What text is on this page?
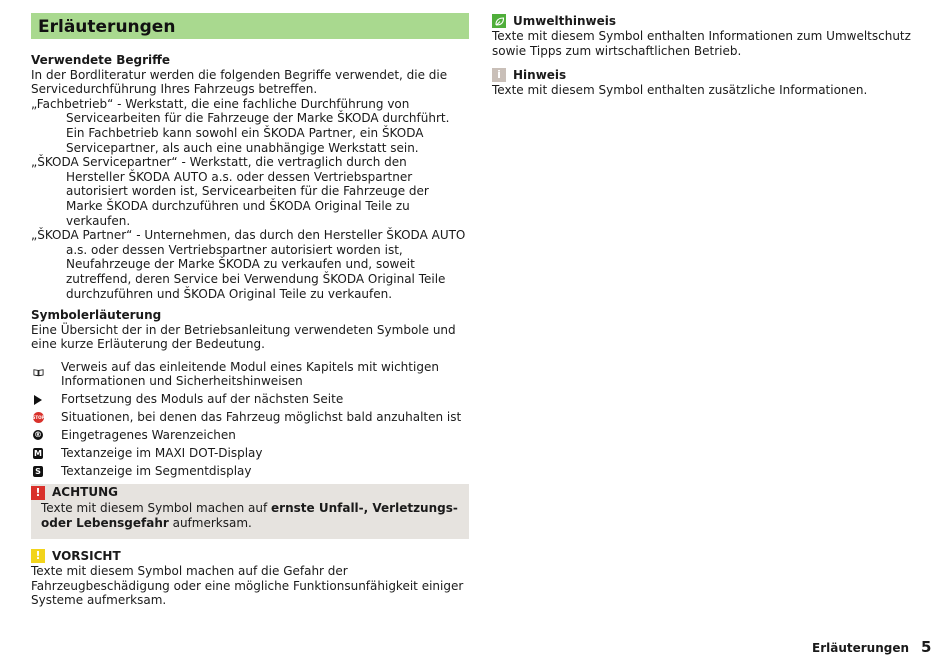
Erläuterungen

Verwendete Begriffe

In der Bordliteratur werden die folgenden Begriffe verwendet, die die Servicedurchführung Ihres Fahrzeugs betreffen.

„Fachbetrieb“ - Werkstatt, die eine fachliche Durchführung von Servicearbeiten für die Fahrzeuge der Marke ŠKODA durchführt. Ein Fachbetrieb kann sowohl ein ŠKODA Partner, ein ŠKODA Servicepartner, als auch eine unabhängige Werkstatt sein.

„ŠKODA Servicepartner“ - Werkstatt, die vertraglich durch den Hersteller ŠKODA AUTO a.s. oder dessen Vertriebspartner autorisiert worden ist, Servicearbeiten für die Fahrzeuge der Marke ŠKODA durchzuführen und ŠKODA Original Teile zu verkaufen.

„ŠKODA Partner“ - Unternehmen, das durch den Hersteller ŠKODA AUTO a.s. oder dessen Vertriebspartner autorisiert worden ist, Neufahrzeuge der Marke ŠKODA zu verkaufen und, soweit zutreffend, deren Service bei Verwendung ŠKODA Original Teile durchzuführen und ŠKODA Original Teile zu verkaufen.

Symbolerläuterung

Eine Übersicht der in der Betriebsanleitung verwendeten Symbole und eine kurze Erläuterung der Bedeutung.

Verweis auf das einleitende Modul eines Kapitels mit wichtigen Informationen und Sicherheitshinweisen
Fortsetzung des Moduls auf der nächsten Seite
STOP Situationen, bei denen das Fahrzeug möglichst bald anzuhalten ist
® Eingetragenes Warenzeichen
M Textanzeige im MAXI DOT-Display
S Textanzeige im Segmentdisplay
! ACHTUNG
Texte mit diesem Symbol machen auf ernste Unfall-, Verletzungs- oder Lebensgefahr aufmerksam.
! VORSICHT

Texte mit diesem Symbol machen auf die Gefahr der Fahrzeugbeschädigung oder eine mögliche Funktionsunfähigkeit einiger Systeme aufmerksam.

Umwelthinweis

Texte mit diesem Symbol enthalten Informationen zum Umweltschutz sowie Tipps zum wirtschaftlichen Betrieb.

i	Hinweis

Texte mit diesem Symbol enthalten zusätzliche Informationen.

Erläuterungen 5
